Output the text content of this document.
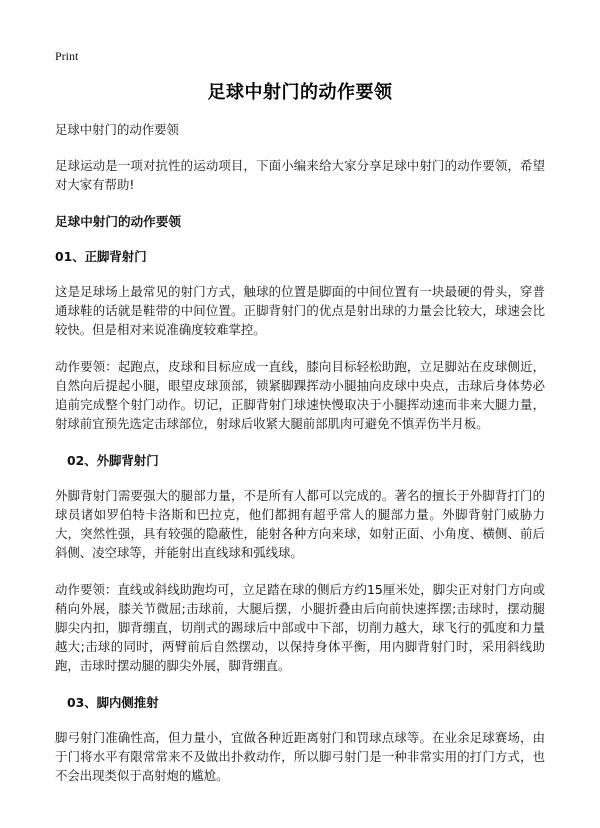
Print
足球中射门的动作要领

足球中射门的动作要领

足球运动是一项对抗性的运动项目，下面小编来给大家分享足球中射门的动作要领，希望对大家有帮助!

足球中射门的动作要领
01、正脚背射门

这是足球场上最常见的射门方式，触球的位置是脚面的中间位置有一块最硬的骨头，穿普通球鞋的话就是鞋带的中间位置。正脚背射门的优点是射出球的力量会比较大，球速会比较快。但是相对来说准确度较难掌控。

动作要领：起跑点，皮球和目标应成一直线，膝向目标轻松助跑，立足脚站在皮球侧近，自然向后提起小腿，眼望皮球顶部，锁紧脚踝挥动小腿抽向皮球中央点，击球后身体势必追前完成整个射门动作。切记，正脚背射门球速快慢取决于小腿挥动速而非来大腿力量，射球前宜预先选定击球部位，射球后收紧大腿前部肌肉可避免不慎弄伤半月板。

02、外脚背射门

外脚背射门需要强大的腿部力量，不是所有人都可以完成的。著名的擅长于外脚背打门的球员诸如罗伯特卡洛斯和巴拉克，他们都拥有超乎常人的腿部力量。外脚背射门威胁力大，突然性强，具有较强的隐蔽性，能射各种方向来球，如射正面、小角度、横侧、前后斜侧、凌空球等，并能射出直线球和弧线球。

动作要领：直线或斜线助跑均可，立足踏在球的侧后方约15厘米处，脚尖正对射门方向或稍向外展，膝关节微屈;击球前，大腿后摆，小腿折叠由后向前快速挥摆;击球时，摆动腿脚尖内扣，脚背绷直，切削式的踢球后中部或中下部，切削力越大，球飞行的弧度和力量越大;击球的同时，两臂前后自然摆动，以保持身体平衡，用内脚背射门时，采用斜线助跑，击球时摆动腿的脚尖外展，脚背绷直。

03、脚内侧推射

脚弓射门准确性高，但力量小，宜做各种近距离射门和罚球点球等。在业余足球赛场，由于门将水平有限常常来不及做出扑救动作，所以脚弓射门是一种非常实用的打门方式，也不会出现类似于高射炮的尴尬。
